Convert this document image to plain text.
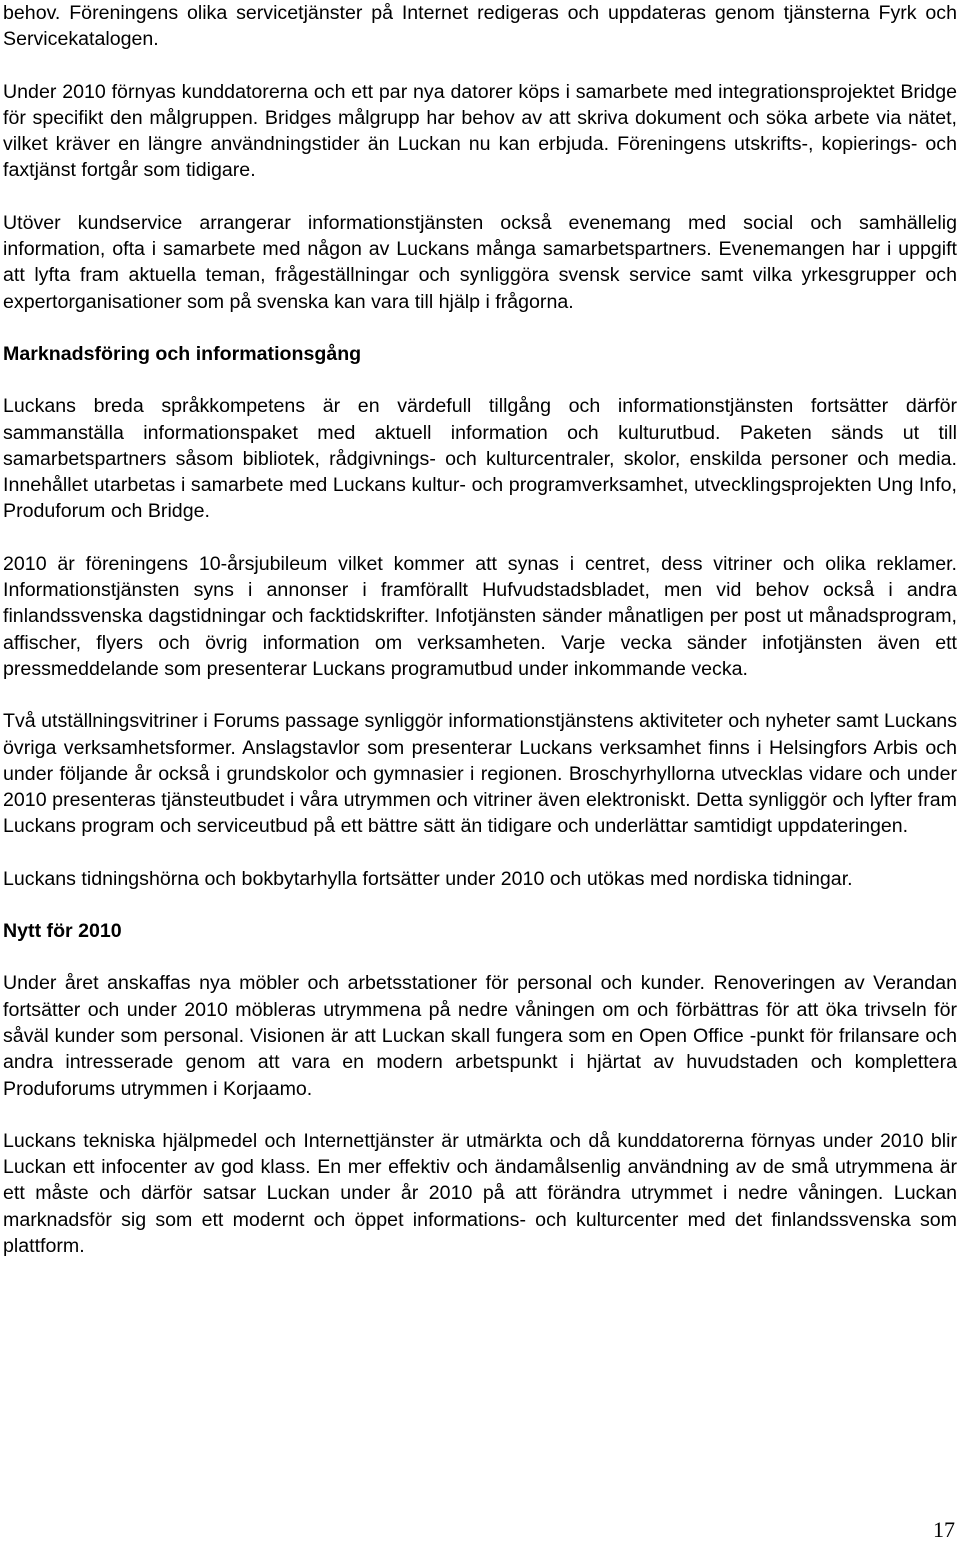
behov. Föreningens olika servicetjänster på Internet redigeras och uppdateras genom tjänsterna Fyrk och Servicekatalogen.

Under 2010 förnyas kunddatorerna och ett par nya datorer köps i samarbete med integrationsprojektet Bridge för specifikt den målgruppen. Bridges målgrupp har behov av att skriva dokument och söka arbete via nätet, vilket kräver en längre användningstider än Luckan nu kan erbjuda. Föreningens utskrifts-, kopierings- och faxtjänst fortgår som tidigare.

Utöver kundservice arrangerar informationstjänsten också evenemang med social och samhällelig information, ofta i samarbete med någon av Luckans många samarbetspartners. Evenemangen har i uppgift att lyfta fram aktuella teman, frågeställningar och synliggöra svensk service samt vilka yrkesgrupper och expertorganisationer som på svenska kan vara till hjälp i frågorna.

Marknadsföring och informationsgång

Luckans breda språkkompetens är en värdefull tillgång och informationstjänsten fortsätter därför sammanställa informationspaket med aktuell information och kulturutbud. Paketen sänds ut till samarbetspartners såsom bibliotek, rådgivnings- och kulturcentraler, skolor, enskilda personer och media. Innehållet utarbetas i samarbete med Luckans kultur- och programverksamhet, utvecklingsprojekten Ung Info, Produforum och Bridge.

2010 är föreningens 10-årsjubileum vilket kommer att synas i centret, dess vitriner och olika reklamer. Informationstjänsten syns i annonser i framförallt Hufvudstadsbladet, men vid behov också i andra finlandssvenska dagstidningar och facktidskrifter. Infotjänsten sänder månatligen per post ut månadsprogram, affischer, flyers och övrig information om verksamheten. Varje vecka sänder infotjänsten även ett pressmeddelande som presenterar Luckans programutbud under inkommande vecka.

Två utställningsvitriner i Forums passage synliggör informationstjänstens aktiviteter och nyheter samt Luckans övriga verksamhetsformer. Anslagstavlor som presenterar Luckans verksamhet finns i Helsingfors Arbis och under följande år också i grundskolor och gymnasier i regionen. Broschyrhyllorna utvecklas vidare och under 2010 presenteras tjänsteutbudet i våra utrymmen och vitriner även elektroniskt. Detta synliggör och lyfter fram Luckans program och serviceutbud på ett bättre sätt än tidigare och underlättar samtidigt uppdateringen.

Luckans tidningshörna och bokbytarhylla fortsätter under 2010 och utökas med nordiska tidningar.

Nytt för 2010

Under året anskaffas nya möbler och arbetsstationer för personal och kunder. Renoveringen av Verandan fortsätter och under 2010 möbleras utrymmena på nedre våningen om och förbättras för att öka trivseln för såväl kunder som personal. Visionen är att Luckan skall fungera som en Open Office -punkt för frilansare och andra intresserade genom att vara en modern arbetspunkt i hjärtat av huvudstaden och komplettera Produforums utrymmen i Korjaamo.

Luckans tekniska hjälpmedel och Internettjänster är utmärkta och då kunddatorerna förnyas under 2010 blir Luckan ett infocenter av god klass. En mer effektiv och ändamålsenlig användning av de små utrymmena är ett måste och därför satsar Luckan under år 2010 på att förändra utrymmet i nedre våningen. Luckan marknadsför sig som ett modernt och öppet informations- och kulturcenter med det finlandssvenska som plattform.

17
